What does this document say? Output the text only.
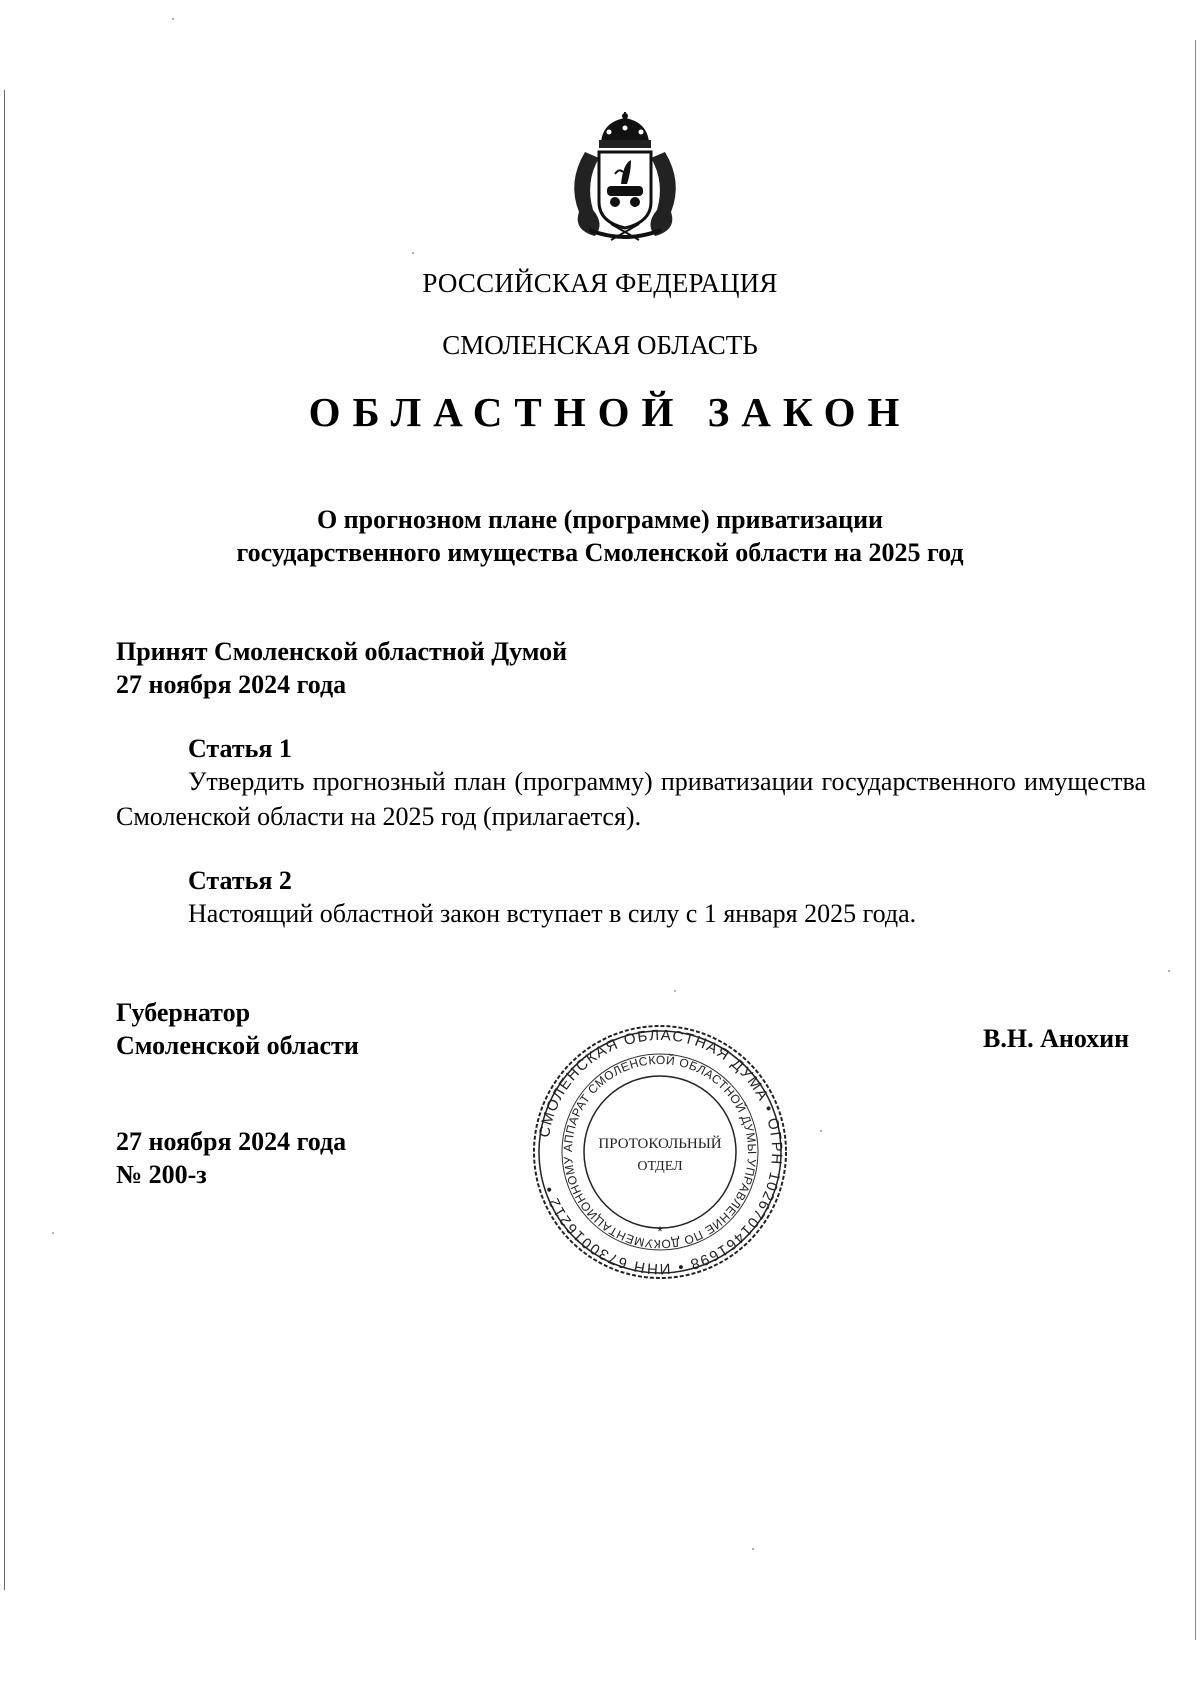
РОССИЙСКАЯ ФЕДЕРАЦИЯ
СМОЛЕНСКАЯ ОБЛАСТЬ
ОБЛАСТНОЙ ЗАКОН
О прогнозном плане (программе) приватизации
государственного имущества Смоленской области на 2025 год
Принят Смоленской областной Думой
27 ноября 2024 года
Статья 1
Утвердить прогнозный план (программу) приватизации государственного имущества Смоленской области на 2025 год (прилагается).
Статья 2
Настоящий областной закон вступает в силу с 1 января 2025 года.
Губернатор
Смоленской области	В.Н. Анохин
27 ноября 2024 года
№ 200-з
СМОЛЕНСКАЯ ОБЛАСТНАЯ ДУМА • ОГРН 1026701461698 • ИНН 6730016212 •
АППАРАТ СМОЛЕНСКОЙ ОБЛАСТНОЙ ДУМЫ УПРАВЛЕНИЕ ПО ДОКУМЕНТАЦИОННОМУ
ПРОТОКОЛЬНЫЙ
ОТДЕЛ
*
